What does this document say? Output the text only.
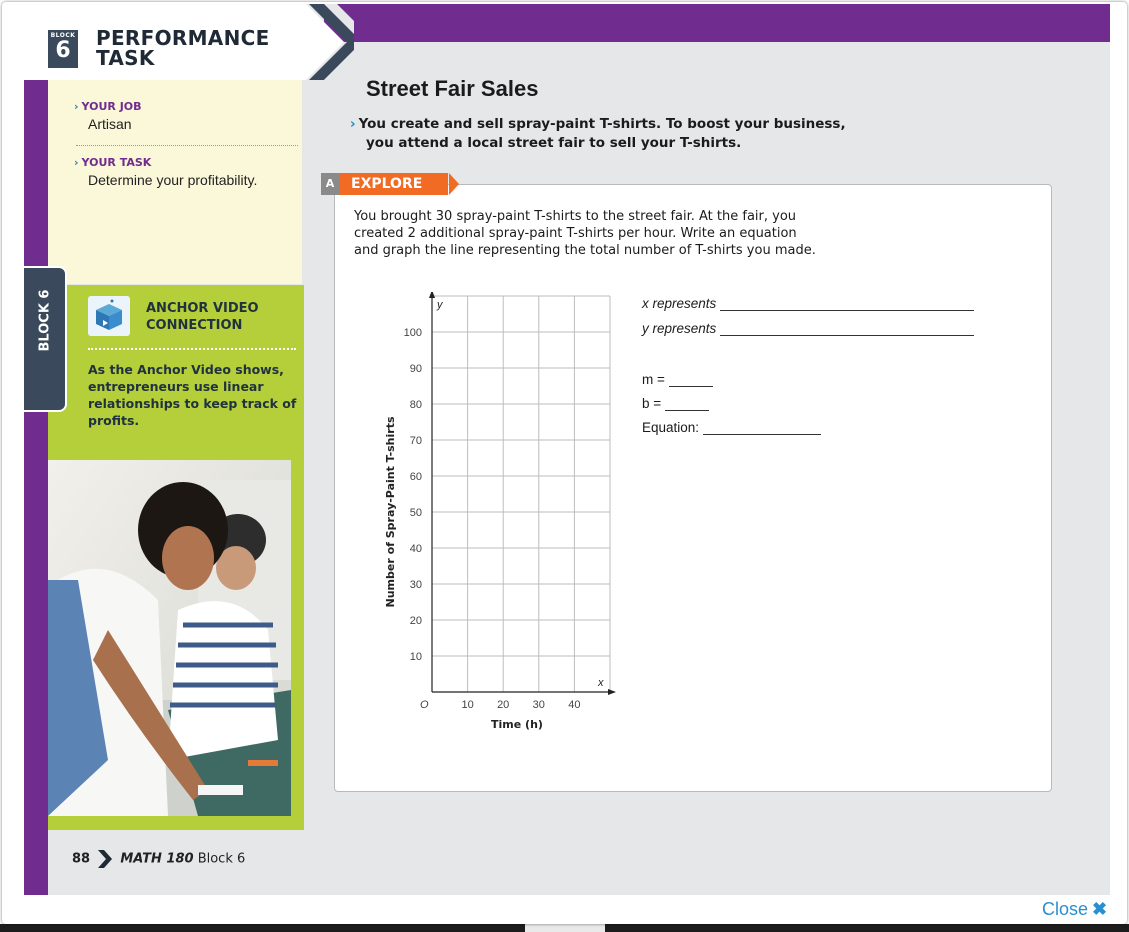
BLOCK
6	PERFORMANCE
TASK
› YOUR JOB
Artisan
› YOUR TASK
Determine your profitability.
ANCHOR VIDEO
CONNECTION
As the Anchor Video shows, entrepreneurs use linear relationships to keep track of profits.
BLOCK 6
88 MATH 180 Block 6
Street Fair Sales
› You create and sell spray-paint T-shirts. To boost your business,
you attend a local street fair to sell your T-shirts.
A	EXPLORE
You brought 30 spray-paint T-shirts to the street fair. At the fair, you
created 2 additional spray-paint T-shirts per hour. Write an equation
and graph the line representing the total number of T-shirts you made.
10 20 30 40
10
20
30
40
50
60
70
80
90
100
O
x
y
Time (h)
Number of Spray-Paint T-shirts
x represents
y represents
m =
b =
Equation:
Close ✖
